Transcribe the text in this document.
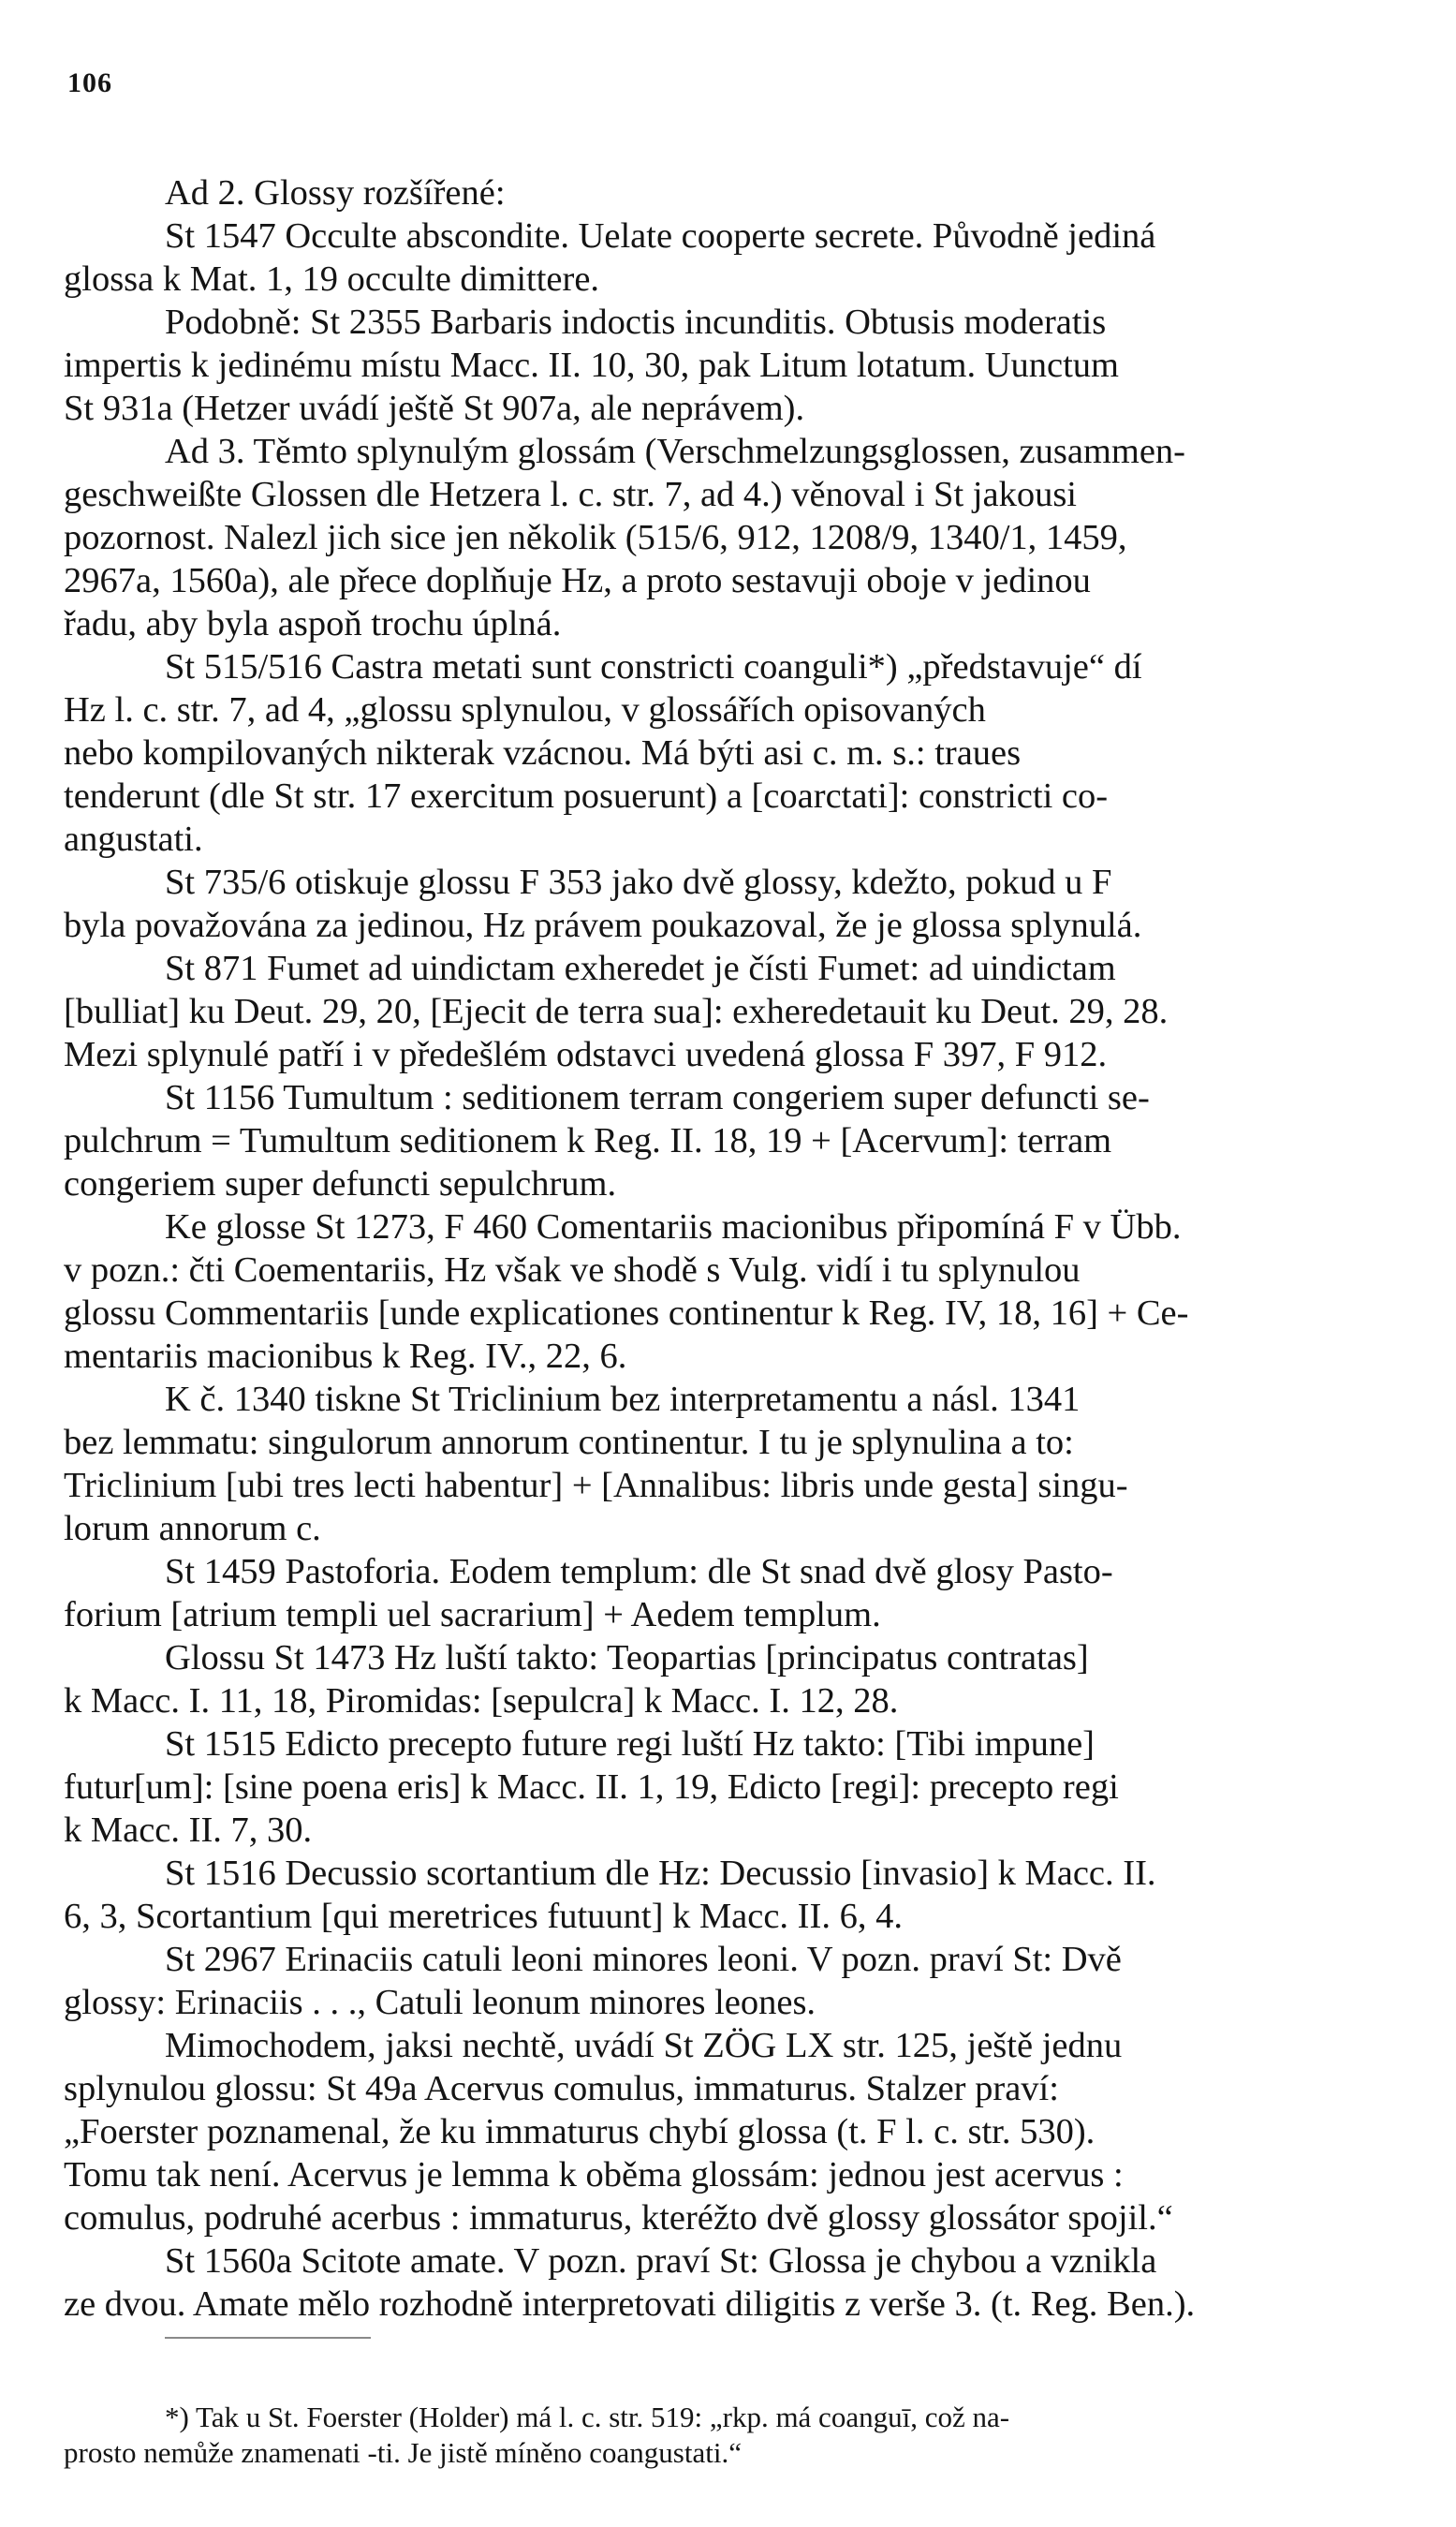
106
Ad 2. Glossy rozšířené:
St 1547 Occulte abscondite. Uelate cooperte secrete. Původně jediná
glossa k Mat. 1, 19 occulte dimittere.
Podobně: St 2355 Barbaris indoctis incunditis. Obtusis moderatis
impertis k jedinému místu Macc. II. 10, 30, pak Litum lotatum. Uunctum
St 931a (Hetzer uvádí ještě St 907a, ale neprávem).
Ad 3. Těmto splynulým glossám (Verschmelzungsglossen, zusammen-
geschweißte Glossen dle Hetzera l. c. str. 7, ad 4.) věnoval i St jakousi
pozornost. Nalezl jich sice jen několik (515/6, 912, 1208/9, 1340/1, 1459,
2967a, 1560a), ale přece doplňuje Hz, a proto sestavuji oboje v jedinou
řadu, aby byla aspoň trochu úplná.
St 515/516 Castra metati sunt constricti coanguli*) „představuje“ dí
Hz l. c. str. 7, ad 4, „glossu splynulou, v glossářích opisovaných
nebo kompilovaných nikterak vzácnou. Má býti asi c. m. s.: traues
tenderunt (dle St str. 17 exercitum posuerunt) a [coarctati]: constricti co-
angustati.
St 735/6 otiskuje glossu F 353 jako dvě glossy, kdežto, pokud u F
byla považována za jedinou, Hz právem poukazoval, že je glossa splynulá.
St 871 Fumet ad uindictam exheredet je čísti Fumet: ad uindictam
[bulliat] ku Deut. 29, 20, [Ejecit de terra sua]: exheredetauit ku Deut. 29, 28.
Mezi splynulé patří i v předešlém odstavci uvedená glossa F 397, F 912.
St 1156 Tumultum : seditionem terram congeriem super defuncti se-
pulchrum = Tumultum seditionem k Reg. II. 18, 19 + [Acervum]: terram
congeriem super defuncti sepulchrum.
Ke glosse St 1273, F 460 Comentariis macionibus připomíná F v Übb.
v pozn.: čti Coementariis, Hz však ve shodě s Vulg. vidí i tu splynulou
glossu Commentariis [unde explicationes continentur k Reg. IV, 18, 16] + Ce-
mentariis macionibus k Reg. IV., 22, 6.
K č. 1340 tiskne St Triclinium bez interpretamentu a násl. 1341
bez lemmatu: singulorum annorum continentur. I tu je splynulina a to:
Triclinium [ubi tres lecti habentur] + [Annalibus: libris unde gesta] singu-
lorum annorum c.
St 1459 Pastoforia. Eodem templum: dle St snad dvě glosy Pasto-
forium [atrium templi uel sacrarium] + Aedem templum.
Glossu St 1473 Hz luští takto: Teopartias [principatus contratas]
k Macc. I. 11, 18, Piromidas: [sepulcra] k Macc. I. 12, 28.
St 1515 Edicto precepto future regi luští Hz takto: [Tibi impune]
futur[um]: [sine poena eris] k Macc. II. 1, 19, Edicto [regi]: precepto regi
k Macc. II. 7, 30.
St 1516 Decussio scortantium dle Hz: Decussio [invasio] k Macc. II.
6, 3, Scortantium [qui meretrices futuunt] k Macc. II. 6, 4.
St 2967 Erinaciis catuli leoni minores leoni. V pozn. praví St: Dvě
glossy: Erinaciis . . ., Catuli leonum minores leones.
Mimochodem, jaksi nechtě, uvádí St ZÖG LX str. 125, ještě jednu
splynulou glossu: St 49a Acervus comulus, immaturus. Stalzer praví:
„Foerster poznamenal, že ku immaturus chybí glossa (t. F l. c. str. 530).
Tomu tak není. Acervus je lemma k oběma glossám: jednou jest acervus :
comulus, podruhé acerbus : immaturus, kteréžto dvě glossy glossátor spojil.“
St 1560a Scitote amate. V pozn. praví St: Glossa je chybou a vznikla
ze dvou. Amate mělo rozhodně interpretovati diligitis z verše 3. (t. Reg. Ben.).
*) Tak u St. Foerster (Holder) má l. c. str. 519: „rkp. má coanguī, což na-
prosto nemůže znamenati -ti. Je jistě míněno coangustati.“
